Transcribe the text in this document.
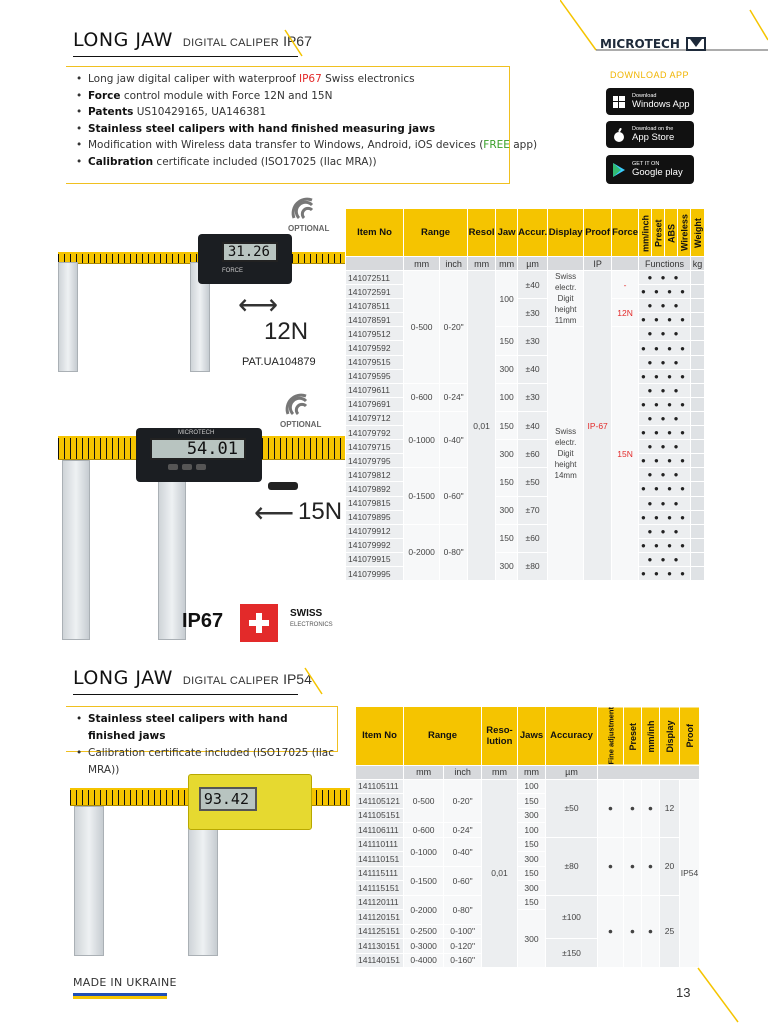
LONG JAW DIGITAL CALIPER IP67	MICROTECH
DOWNLOAD APP
Download
Windows App
Download on the
App Store
GET IT ON
Google play
• Long jaw digital caliper with waterproof IP67 Swiss electronics
• Force control module with Force 12N and 15N
• Patents US10429165, UA146381
• Stainless steel calipers with hand finished measuring jaws
• Modification with Wireless data transfer to Windows, Android, iOS devices (FREE app)
• Calibration certificate included (ISO17025 (Ilac MRA))
OPTIONAL
31.26
FORCE
⟷
12N
PAT.UA104879
OPTIONAL
MICROTECH
54.01
⟵ 15N
IP67	SWISS
ELECTRONICS
Item No	Range		Resol	Jaw	Accur.	Display	Proof	Force	mm/inch	Preset	ABS	Wireless	Weight
	mm	inch	mm	mm	µm		IP		Functions				kg
141072511	0-500	0-20"	0,01	100	±40	Swiss electr. Digit height 11mm	IP-67	-	● ● ●				
141072591									● ● ● ●				
141078511					±30			12N	● ● ●				
141078591									● ● ● ●				
141079512				150	±30	Swiss electr. Digit height 14mm		15N	● ● ●				
141079592									● ● ● ●				
141079515				300	±40				● ● ●				
141079595									● ● ● ●				
141079611	0-600	0-24"		100	±30				● ● ●				
141079691									● ● ● ●				
141079712	0-1000	0-40"		150	±40				● ● ●				
141079792									● ● ● ●				
141079715				300	±60				● ● ●				
141079795									● ● ● ●				
141079812	0-1500	0-60"		150	±50				● ● ●				
141079892									● ● ● ●				
141079815				300	±70				● ● ●				
141079895									● ● ● ●				
141079912	0-2000	0-80"		150	±60				● ● ●				
141079992									● ● ● ●				
141079915				300	±80				● ● ●				
141079995									● ● ● ●				
LONG JAW DIGITAL CALIPER IP54
• Stainless steel calipers with hand finished jaws
• Calibration certificate included (ISO17025 (Ilac MRA))
93.42
Item No	Range		Reso-lution	Jaws	Accuracy	Fine adjustment	Preset	mm/inh	Display	Proof
	mm	inch	mm	mm	µm					
141105111	0-500	0-20"	0,01	100	±50	●	●	●	12	IP54
141105121				150						
141105151				300						
141106111	0-600	0-24"		100						
141110111	0-1000	0-40"		150	±80	●	●	●	20	
141110151				300						
141115111	0-1500	0-60"		150						
141115151				300						
141120111	0-2000	0-80"		150	±100	●	●	●	25	
141120151				300						
141125151	0-2500	0-100"								
141130151	0-3000	0-120"			±150					
141140151	0-4000	0-160"								
MADE IN UKRAINE
13
